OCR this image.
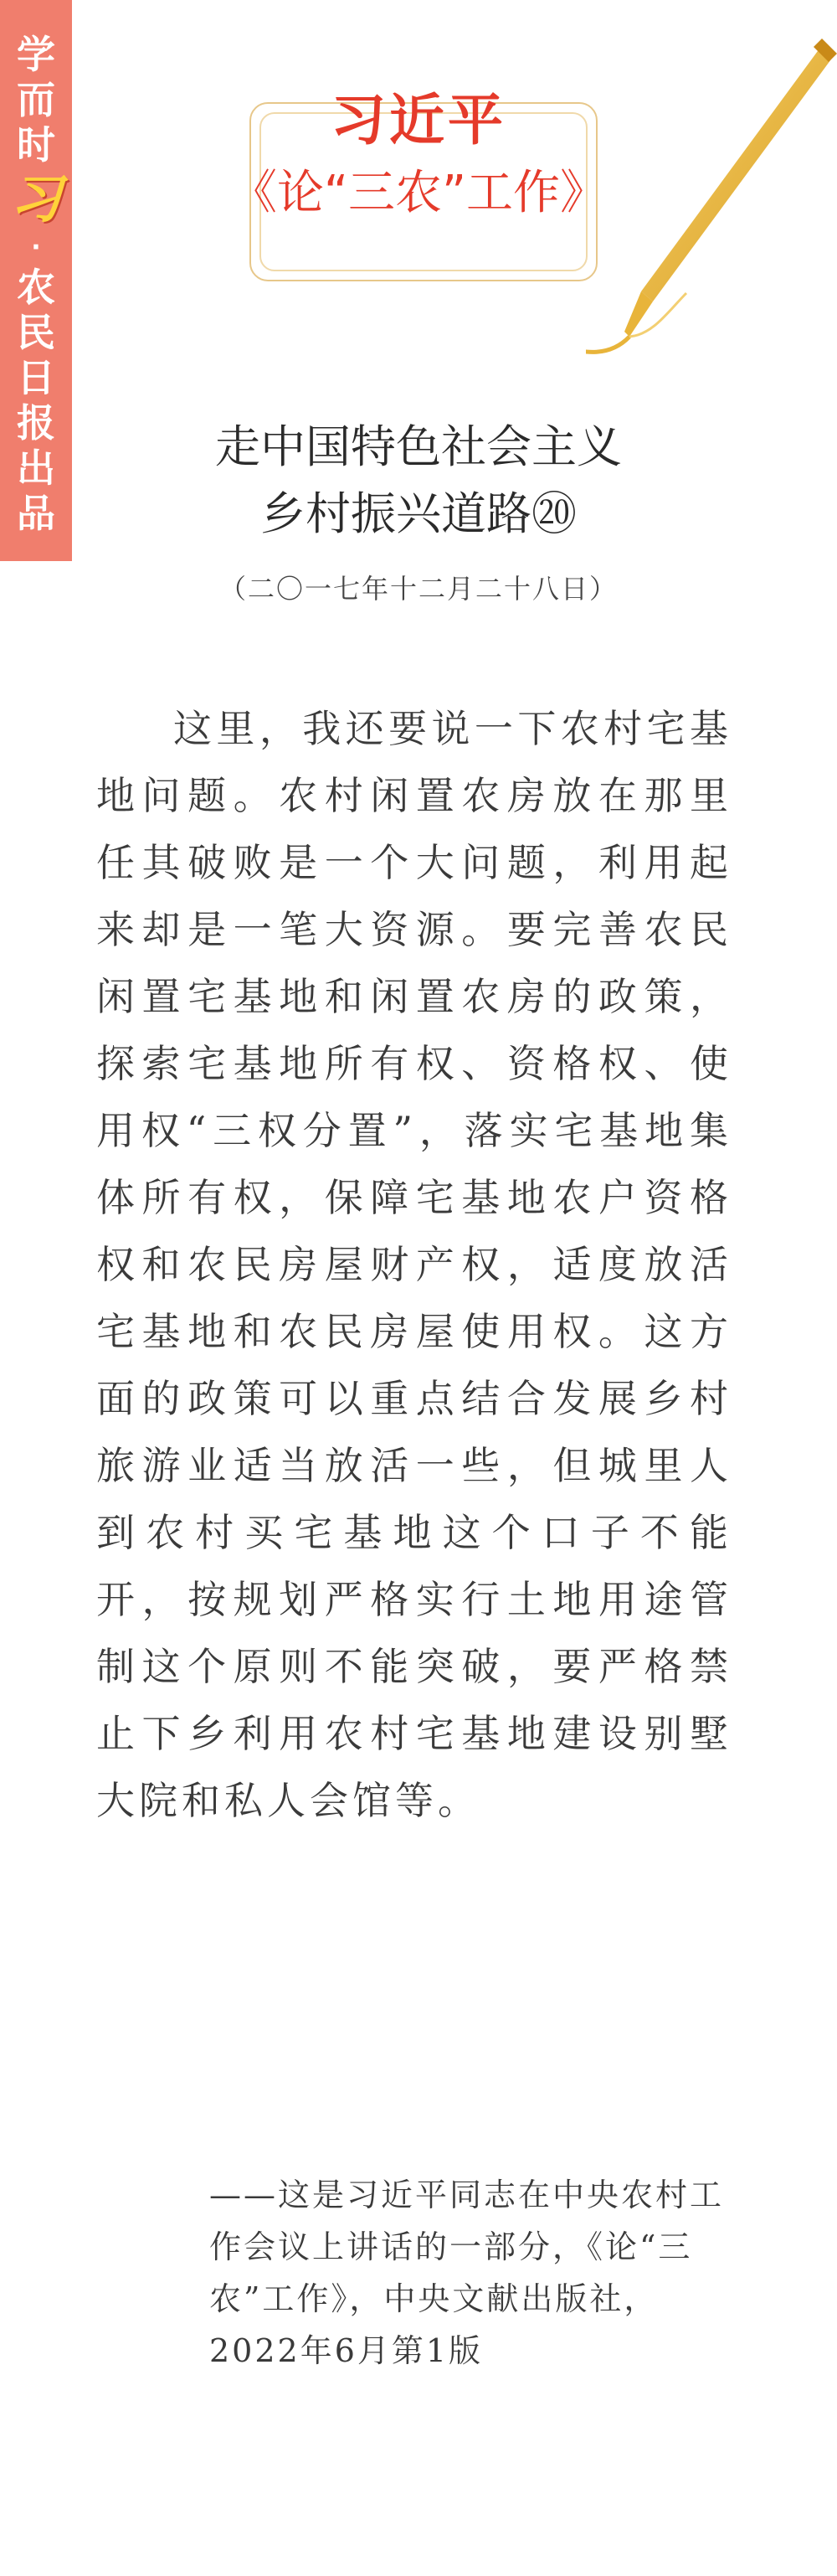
学
而
时
习
·
农
民
日
报
出
品
习近平
《论“三农”工作》
走中国特色社会主义
乡村振兴道路⑳
（二〇一七年十二月二十八日）

这里，我还要说一下农村宅基地问题。农村闲置农房放在那里任其破败是一个大问题，利用起来却是一笔大资源。要完善农民闲置宅基地和闲置农房的政策，探索宅基地所有权、资格权、使用权“三权分置”，落实宅基地集体所有权，保障宅基地农户资格权和农民房屋财产权，适度放活宅基地和农民房屋使用权。这方面的政策可以重点结合发展乡村旅游业适当放活一些，但城里人到农村买宅基地这个口子不能开，按规划严格实行土地用途管制这个原则不能突破，要严格禁止下乡利用农村宅基地建设别墅大院和私人会馆等。

——这是习近平同志在中央农村工作会议上讲话的一部分，《论“三农”工作》，中央文献出版社，2022年6月第1版
